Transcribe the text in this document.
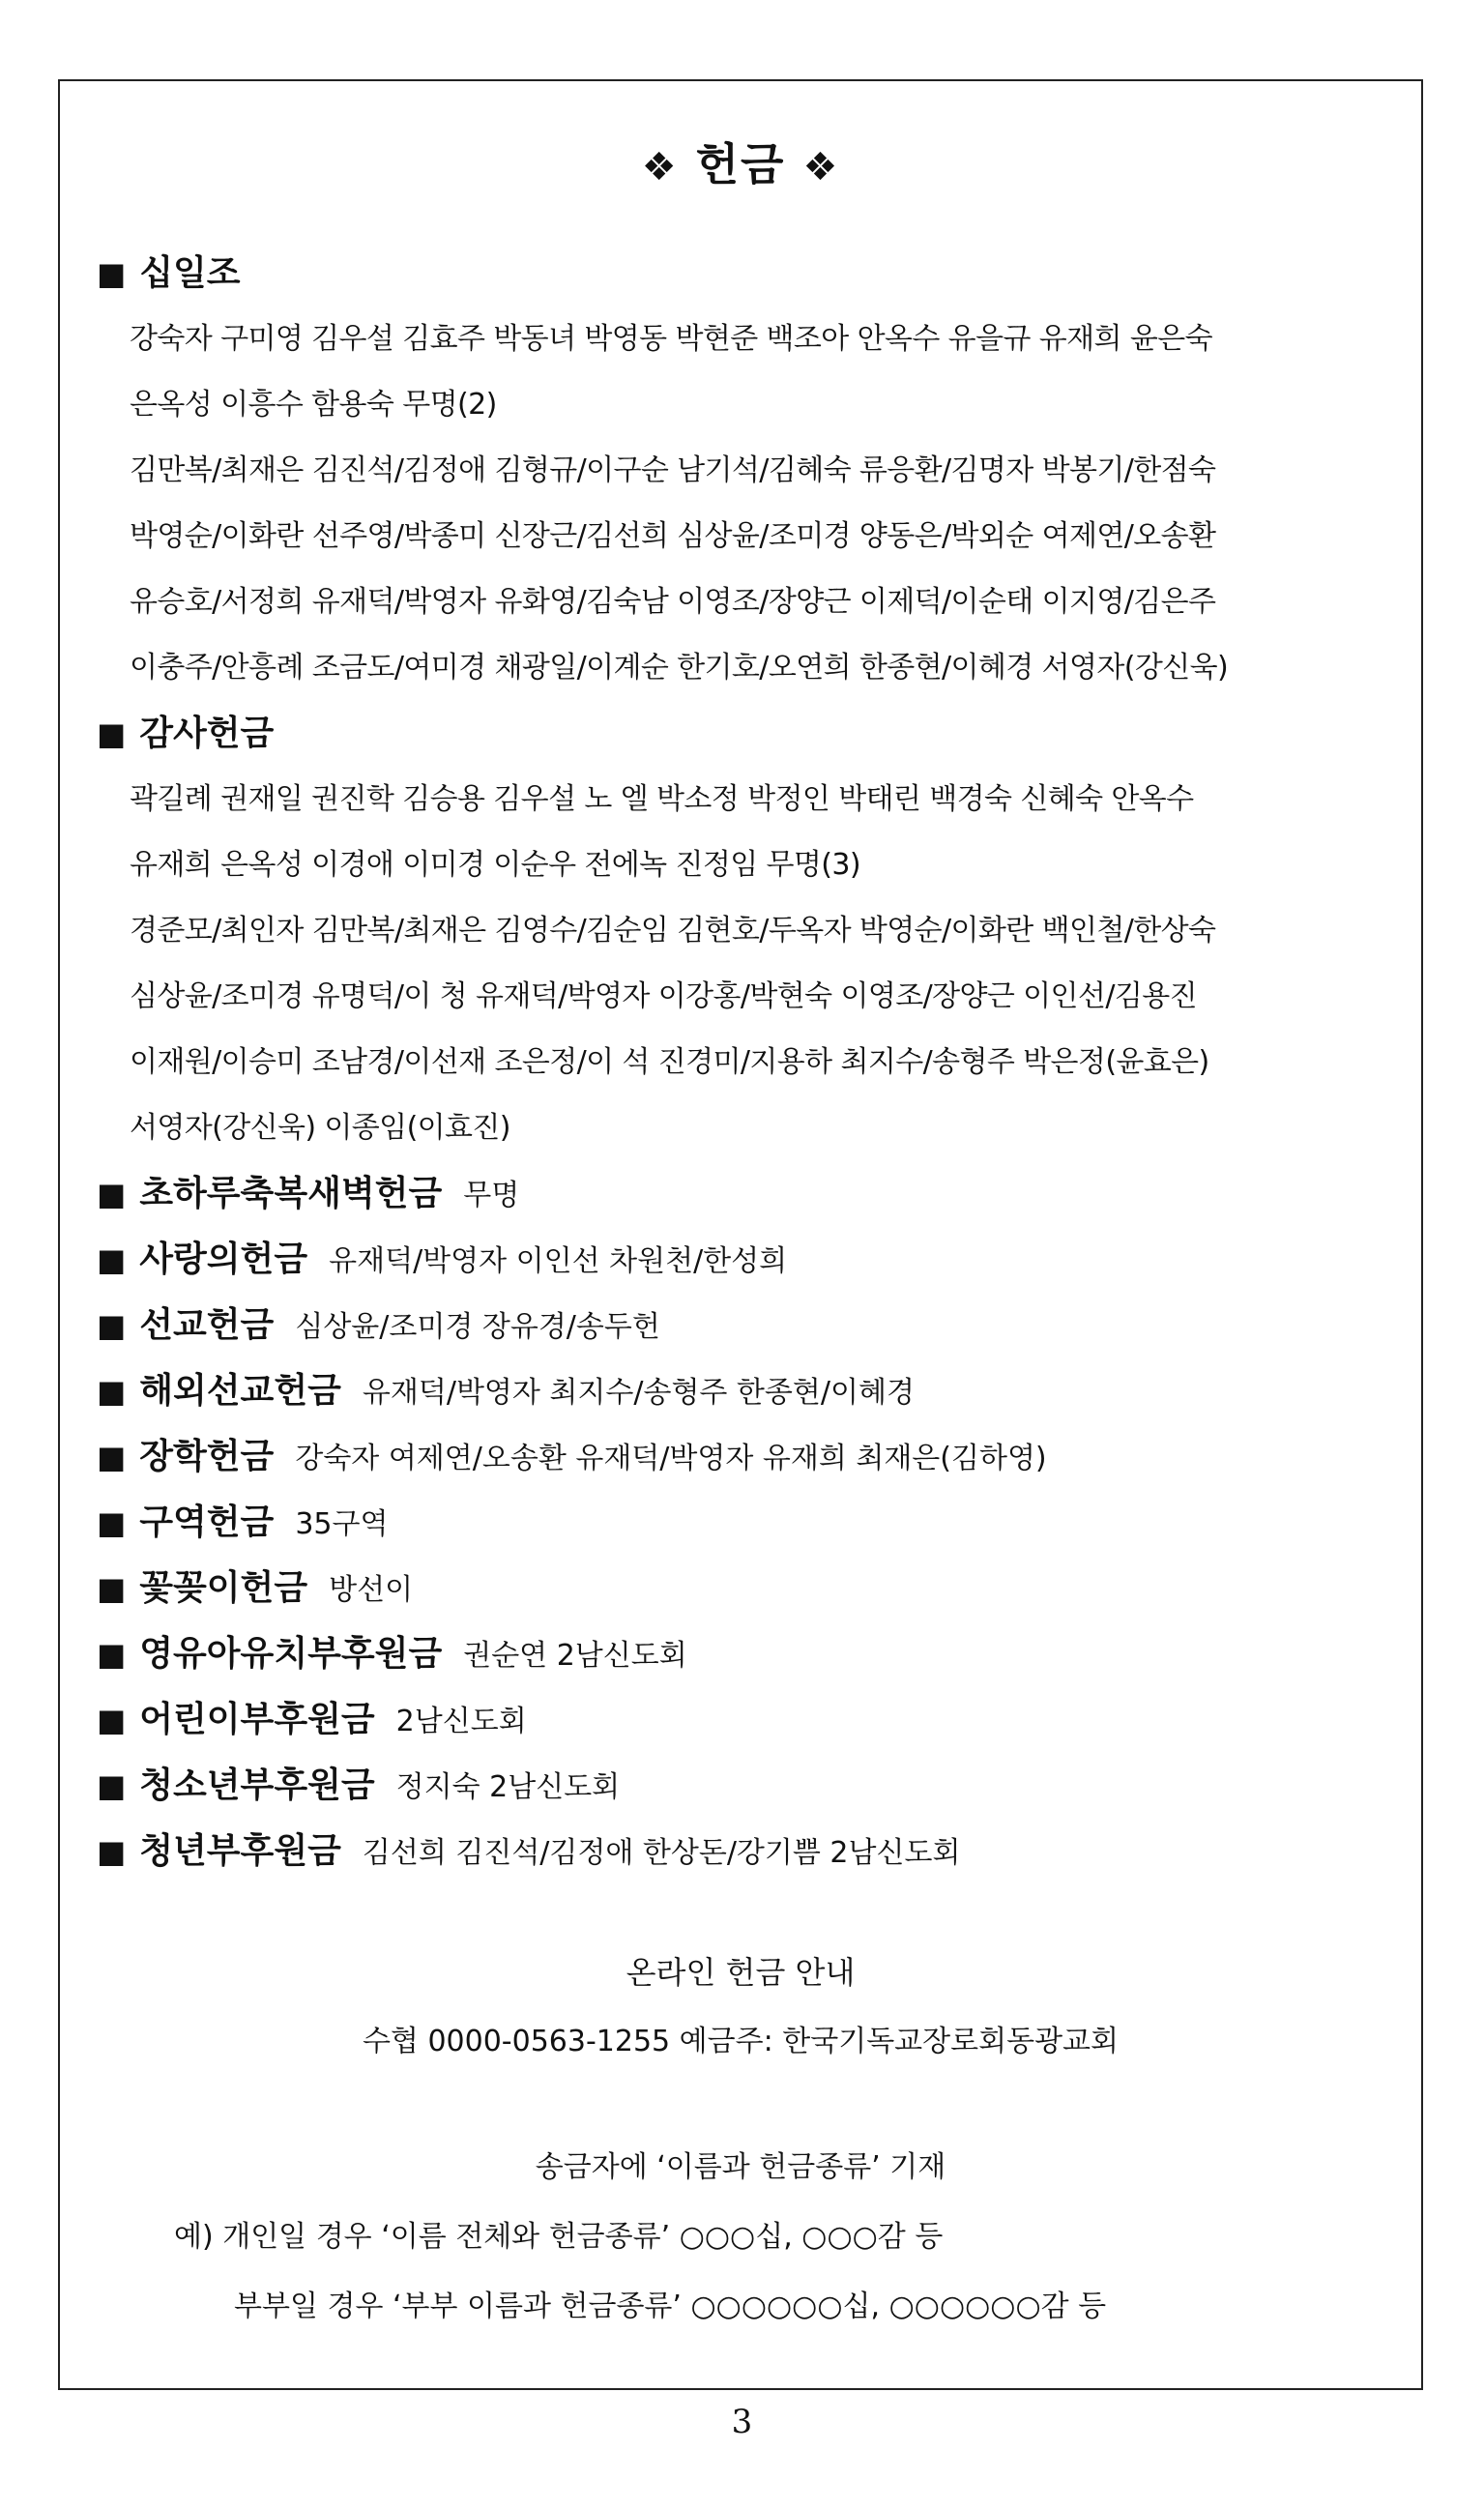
❖ 헌금 ❖
■ 십일조
강숙자 구미영 김우설 김효주 박동녀 박영동 박현준 백조아 안옥수 유을규 유재희 윤은숙
은옥성 이흥수 함용숙 무명(2)
김만복/최재은 김진석/김정애 김형규/이구순 남기석/김혜숙 류응환/김명자 박봉기/한점숙
박영순/이화란 선주영/박종미 신장근/김선희 심상윤/조미경 양동은/박외순 여제연/오송환
유승호/서정희 유재덕/박영자 유화영/김숙남 이영조/장양근 이제덕/이순태 이지영/김은주
이충주/안흥례 조금도/여미경 채광일/이계순 한기호/오연희 한종현/이혜경 서영자(강신욱)
■ 감사헌금
곽길례 권재일 권진학 김승용 김우설 노 엘 박소정 박정인 박태린 백경숙 신혜숙 안옥수
유재희 은옥성 이경애 이미경 이순우 전에녹 진정임 무명(3)
경준모/최인자 김만복/최재은 김영수/김순임 김현호/두옥자 박영순/이화란 백인철/한상숙
심상윤/조미경 유명덕/이 청 유재덕/박영자 이강홍/박현숙 이영조/장양근 이인선/김용진
이재원/이승미 조남경/이선재 조은정/이 석 진경미/지용하 최지수/송형주 박은정(윤효은)
서영자(강신욱) 이종임(이효진)
■ 초하루축복새벽헌금 무명
■ 사랑의헌금 유재덕/박영자 이인선 차원천/한성희
■ 선교헌금 심상윤/조미경 장유경/송두헌
■ 해외선교헌금 유재덕/박영자 최지수/송형주 한종현/이혜경
■ 장학헌금 강숙자 여제연/오송환 유재덕/박영자 유재희 최재은(김하영)
■ 구역헌금 35구역
■ 꽃꽂이헌금 방선이
■ 영유아유치부후원금 권순연 2남신도회
■ 어린이부후원금 2남신도회
■ 청소년부후원금 정지숙 2남신도회
■ 청년부후원금 김선희 김진석/김정애 한상돈/강기쁨 2남신도회
온라인 헌금 안내
수협 0000-0563-1255 예금주: 한국기독교장로회동광교회
송금자에 ‘이름과 헌금종류’ 기재
예) 개인일 경우 ‘이름 전체와 헌금종류’ ○○○십, ○○○감 등
부부일 경우 ‘부부 이름과 헌금종류’ ○○○○○○십, ○○○○○○감 등
3
